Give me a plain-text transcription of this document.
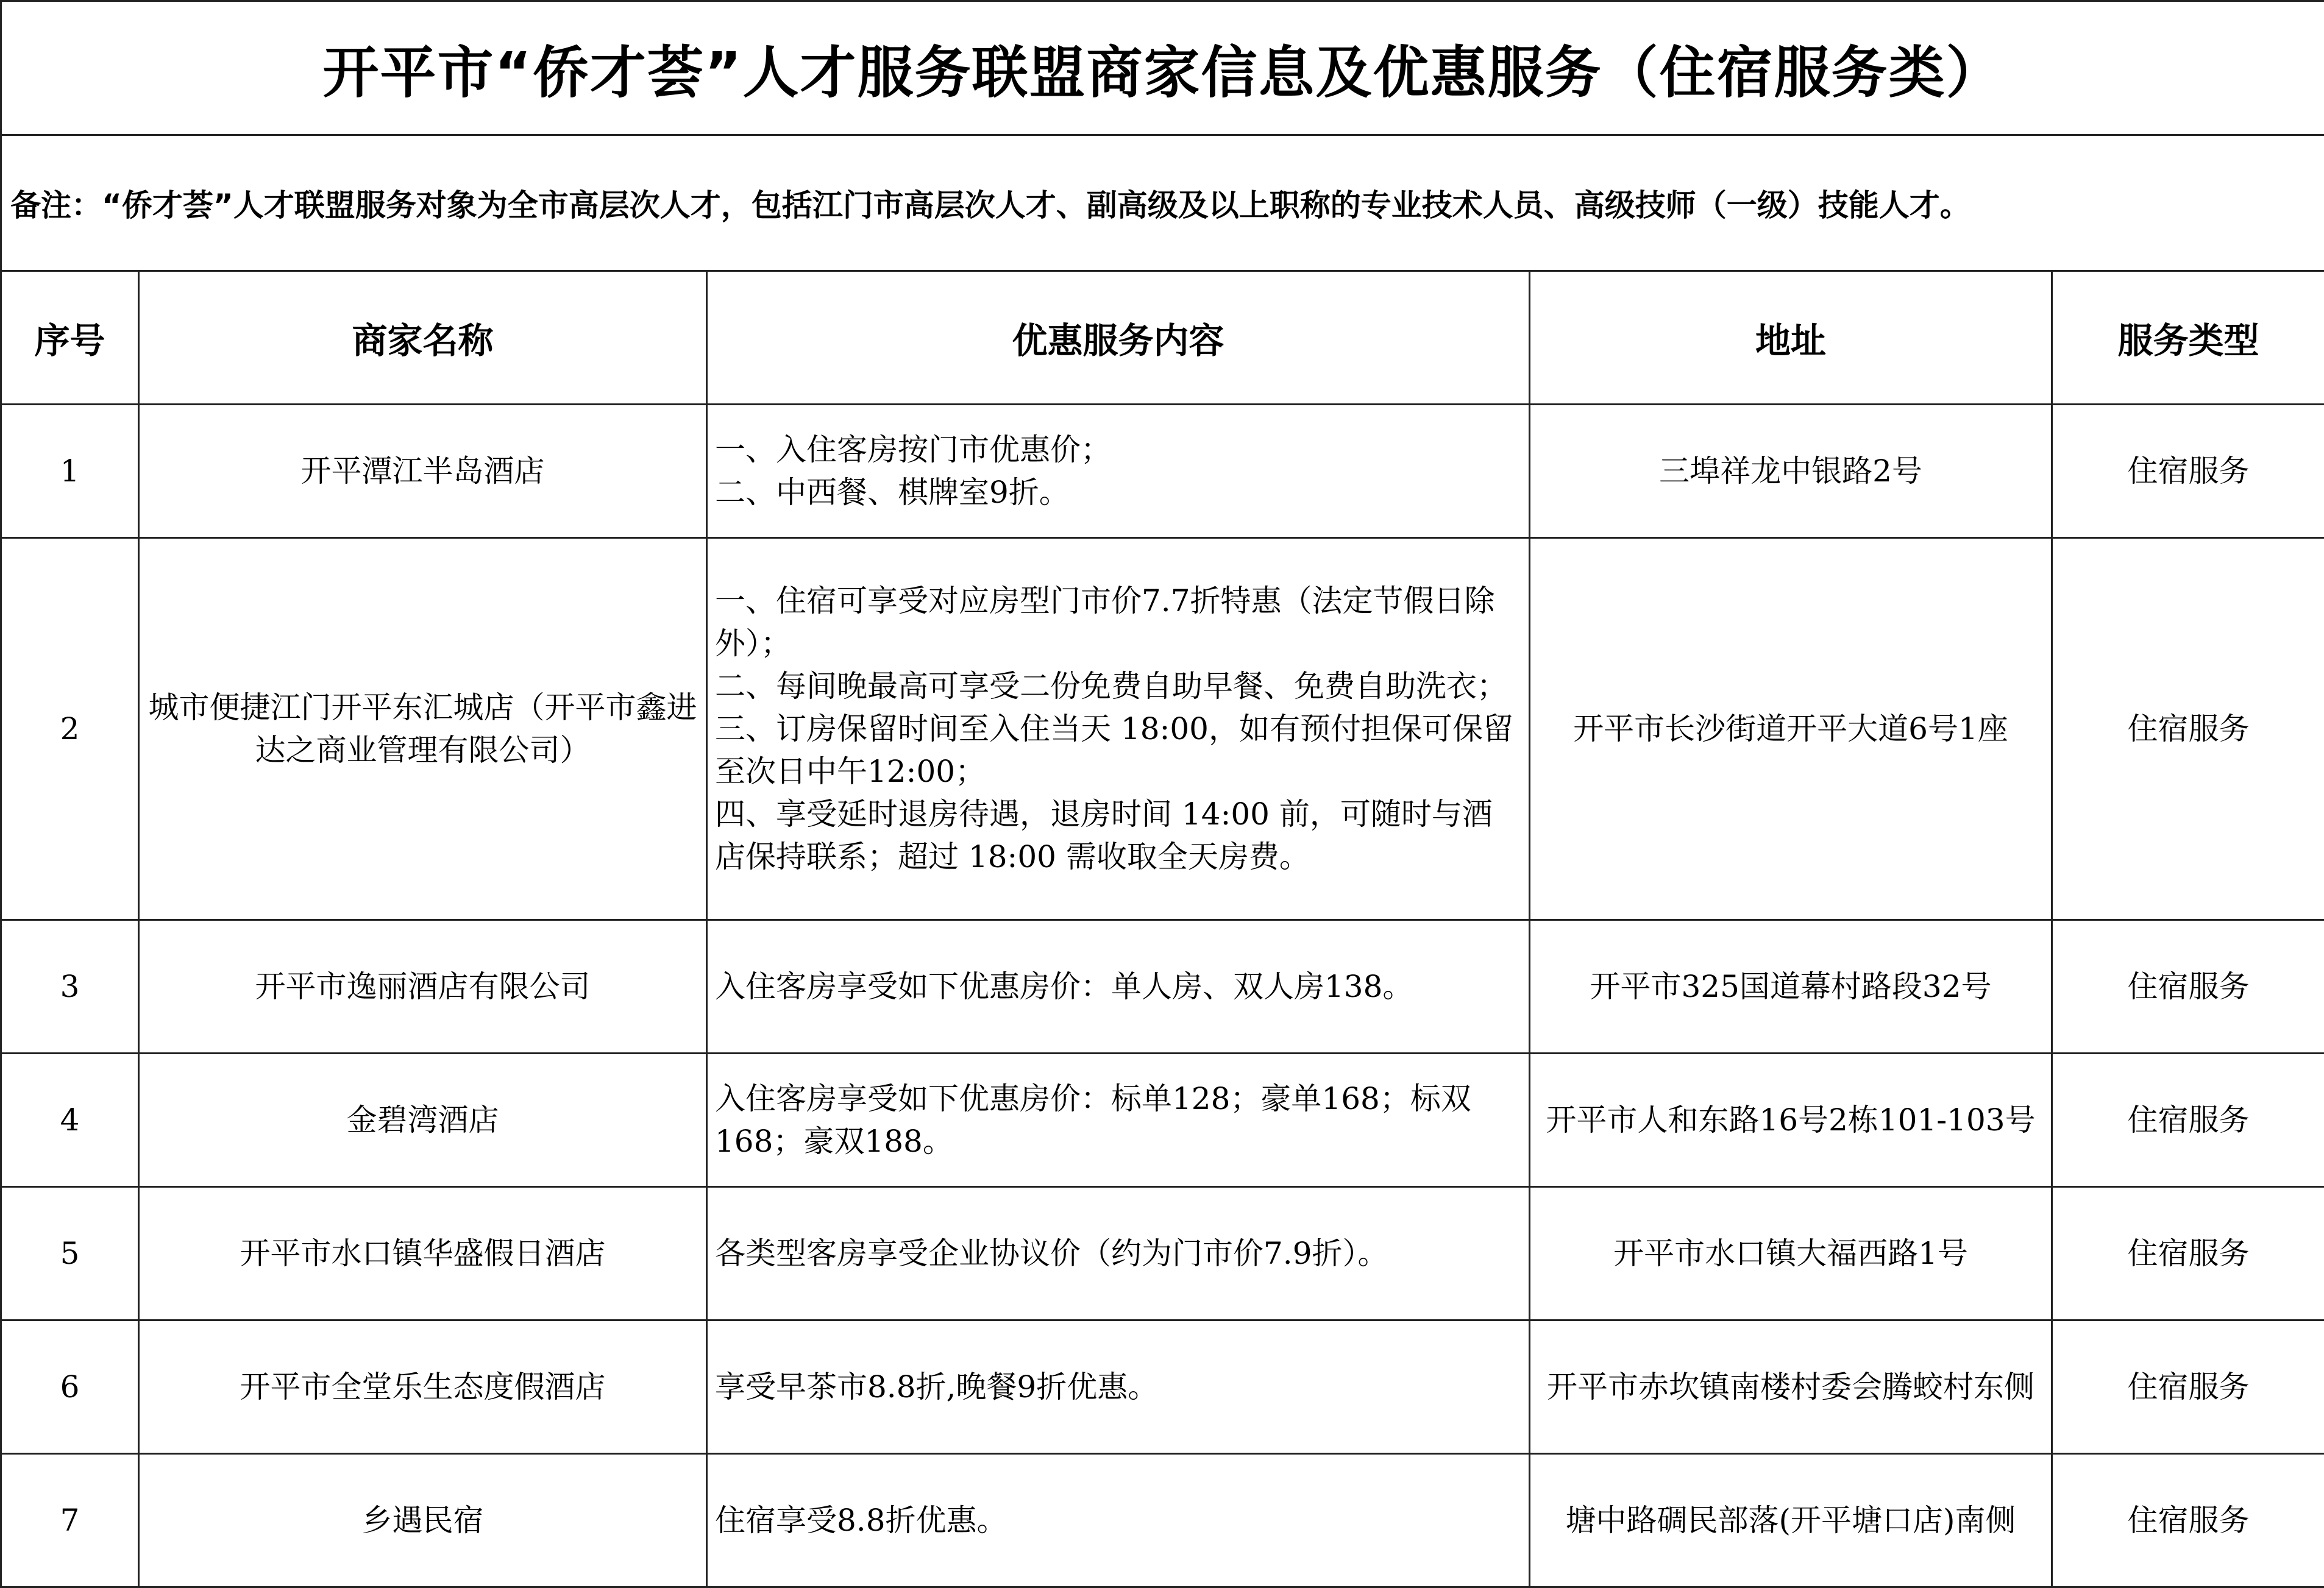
开平市“侨才荟”人才服务联盟商家信息及优惠服务（住宿服务类）				
备注：“侨才荟”人才联盟服务对象为全市高层次人才，包括江门市高层次人才、副高级及以上职称的专业技术人员、高级技师（一级）技能人才。				
序号	商家名称	优惠服务内容	地址	服务类型
1	开平潭江半岛酒店	一、入住客房按门市优惠价；
二、中西餐、棋牌室9折。	三埠祥龙中银路2号	住宿服务
2	城市便捷江门开平东汇城店（开平市鑫进达之商业管理有限公司）	一、住宿可享受对应房型门市价7.7折特惠（法定节假日除外）；
二、每间晚最高可享受二份免费自助早餐、免费自助洗衣；
三、订房保留时间至入住当天 18:00，如有预付担保可保留至次日中午12:00；
四、享受延时退房待遇，退房时间 14:00 前，可随时与酒店保持联系；超过 18:00 需收取全天房费。	开平市长沙街道开平大道6号1座	住宿服务
3	开平市逸丽酒店有限公司	入住客房享受如下优惠房价：单人房、双人房138。	开平市325国道幕村路段32号	住宿服务
4	金碧湾酒店	入住客房享受如下优惠房价：标单128；豪单168；标双168；豪双188。	开平市人和东路16号2栋101-103号	住宿服务
5	开平市水口镇华盛假日酒店	各类型客房享受企业协议价（约为门市价7.9折）。	开平市水口镇大福西路1号	住宿服务
6	开平市全堂乐生态度假酒店	享受早茶市8.8折,晚餐9折优惠。	开平市赤坎镇南楼村委会腾蛟村东侧	住宿服务
7	乡遇民宿	住宿享受8.8折优惠。	塘中路碉民部落(开平塘口店)南侧	住宿服务
